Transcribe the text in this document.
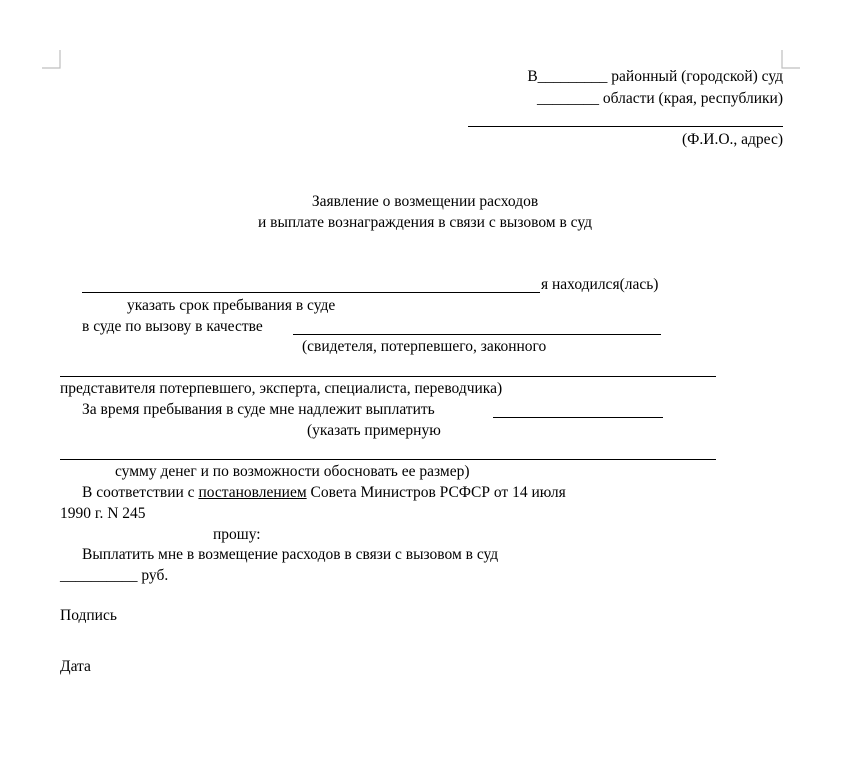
В_________ районный (городской) суд
________ области (края, республики)
(Ф.И.О., адрес)
Заявление о возмещении расходов
и выплате вознаграждения в связи с вызовом в суд
я находился(лась)
указать срок пребывания в суде
в суде по вызову в качестве
(свидетеля, потерпевшего, законного
представителя потерпевшего, эксперта, специалиста, переводчика)
За время пребывания в суде мне надлежит выплатить
(указать примерную
сумму денег и по возможности обосновать ее размер)
В соответствии с постановлением Совета Министров РСФСР от 14 июля
1990 г. N 245
прошу:
Выплатить мне в возмещение расходов в связи с вызовом в суд
__________ руб.
Подпись
Дата
